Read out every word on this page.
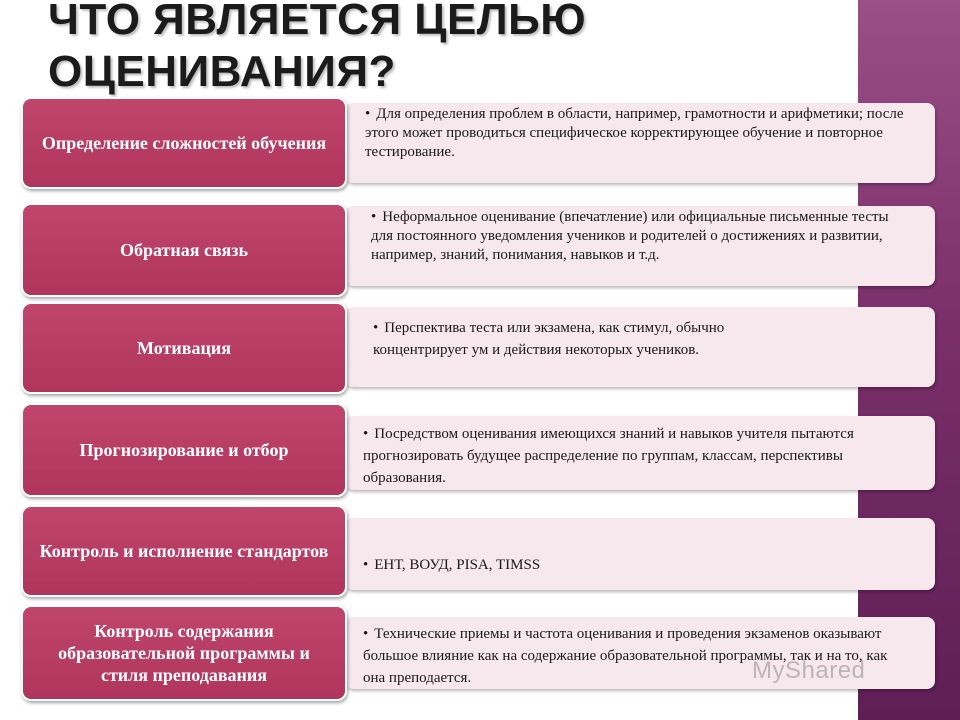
ЧТО ЯВЛЯЕТСЯ ЦЕЛЬЮ
ОЦЕНИВАНИЯ?
• Для определения проблем в области, например, грамотности и арифметики; после этого может проводиться специфическое корректирующее обучение и повторное тестирование.
Определение сложностей обучения
• Неформальное оценивание (впечатление) или официальные письменные тесты для постоянного уведомления учеников и родителей о достижениях и развитии, например, знаний, понимания, навыков и т.д.
Обратная связь
• Перспектива теста или экзамена, как стимул, обычно концентрирует ум и действия некоторых учеников.
Мотивация
• Посредством оценивания имеющихся знаний и навыков учителя пытаются прогнозировать будущее распределение по группам, классам, перспективы образования.
Прогнозирование и отбор
• ЕНТ, ВОУД, PISA, TIMSS
Контроль и исполнение стандартов
• Технические приемы и частота оценивания и проведения экзаменов оказывают большое влияние как на содержание образовательной программы, так и на то, как она преподается.
Контроль содержания образовательной программы и стиля преподавания	MyShared
